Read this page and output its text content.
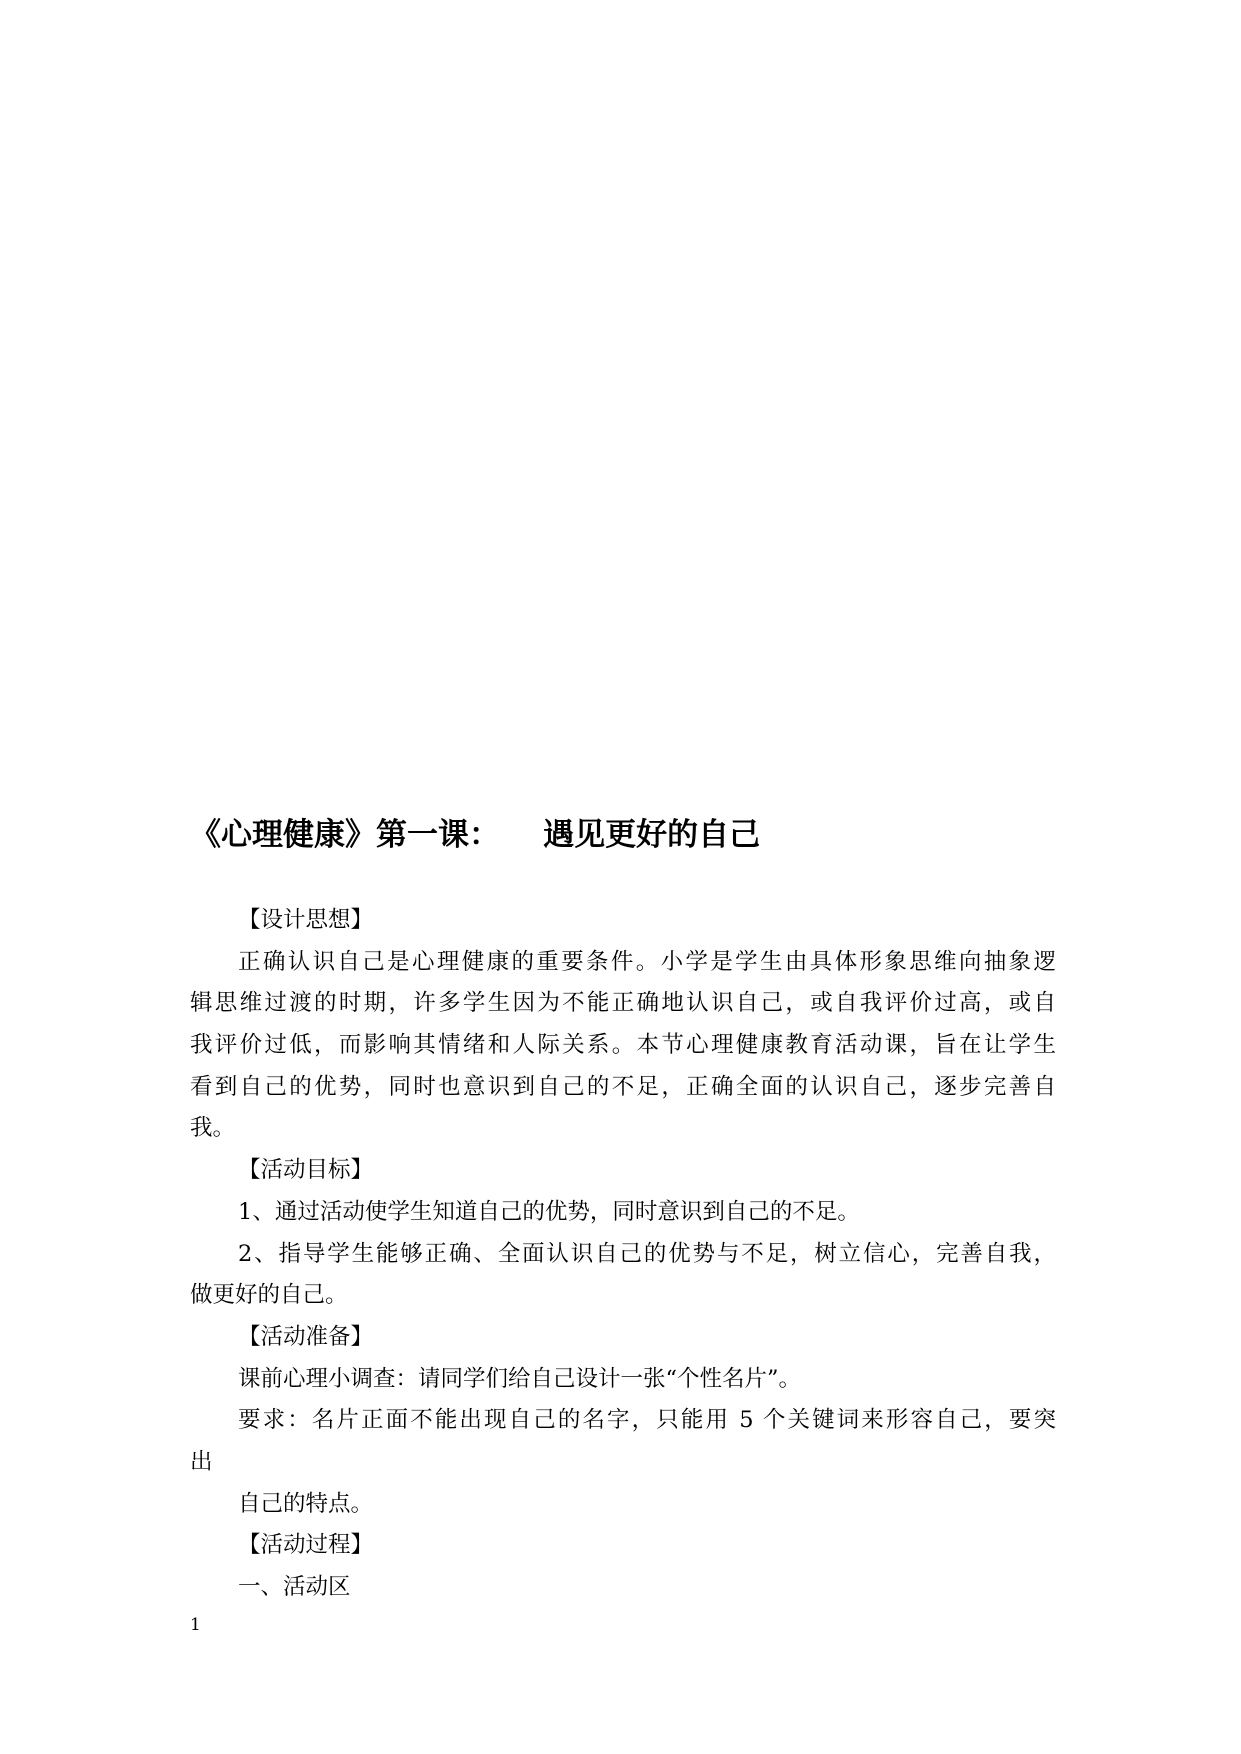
《心理健康》第一课：    遇见更好的自己

【设计思想】

正确认识自己是心理健康的重要条件。小学是学生由具体形象思维向抽象逻

辑思维过渡的时期，许多学生因为不能正确地认识自己，或自我评价过高，或自

我评价过低，而影响其情绪和人际关系。本节心理健康教育活动课，旨在让学生

看到自己的优势，同时也意识到自己的不足，正确全面的认识自己，逐步完善自

我。

【活动目标】

1、通过活动使学生知道自己的优势，同时意识到自己的不足。

2、指导学生能够正确、全面认识自己的优势与不足，树立信心，完善自我，

做更好的自己。

【活动准备】

课前心理小调查：请同学们给自己设计一张“个性名片”。

要求：名片正面不能出现自己的名字，只能用 5 个关键词来形容自己，要突

出

自己的特点。

【活动过程】

一、活动区

1
